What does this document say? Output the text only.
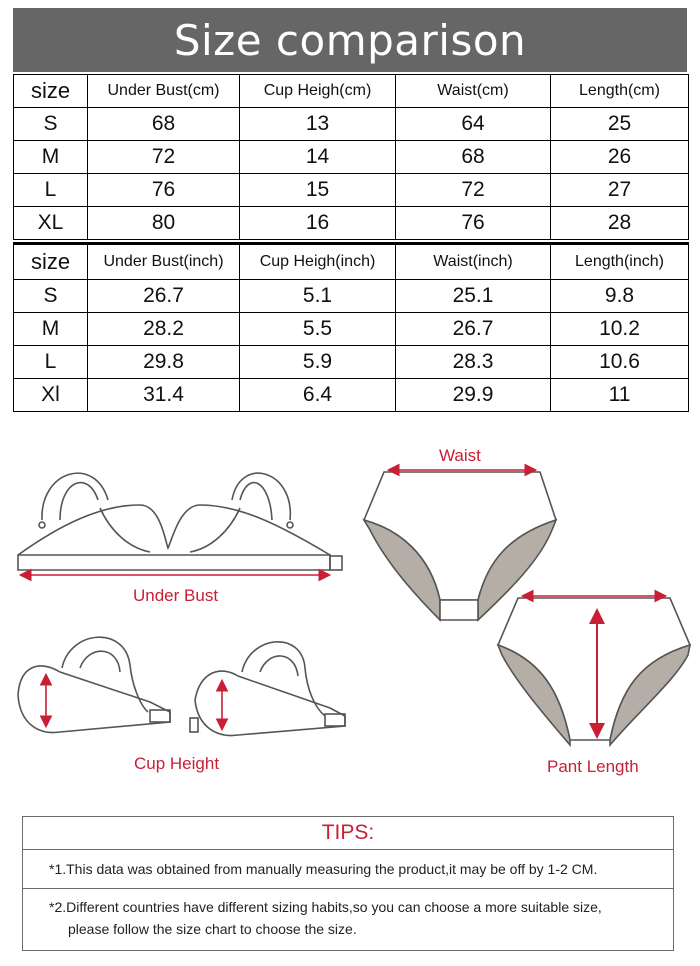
Size comparison
size	Under Bust(cm)	Cup Heigh(cm)	Waist(cm)	Length(cm)
S	68	13	64	25
M	72	14	68	26
L	76	15	72	27
XL	80	16	76	28
size	Under Bust(inch)	Cup Heigh(inch)	Waist(inch)	Length(inch)
S	26.7	5.1	25.1	9.8
M	28.2	5.5	26.7	10.2
L	29.8	5.9	28.3	10.6
Xl	31.4	6.4	29.9	11
Under Bust
Cup Height
Waist
Pant Length
TIPS:
*1.This data was obtained from manually measuring the product,it may be off by 1-2 CM.
*2.Different countries have different sizing habits,so you can choose a more suitable size,
please follow the size chart to choose the size.
